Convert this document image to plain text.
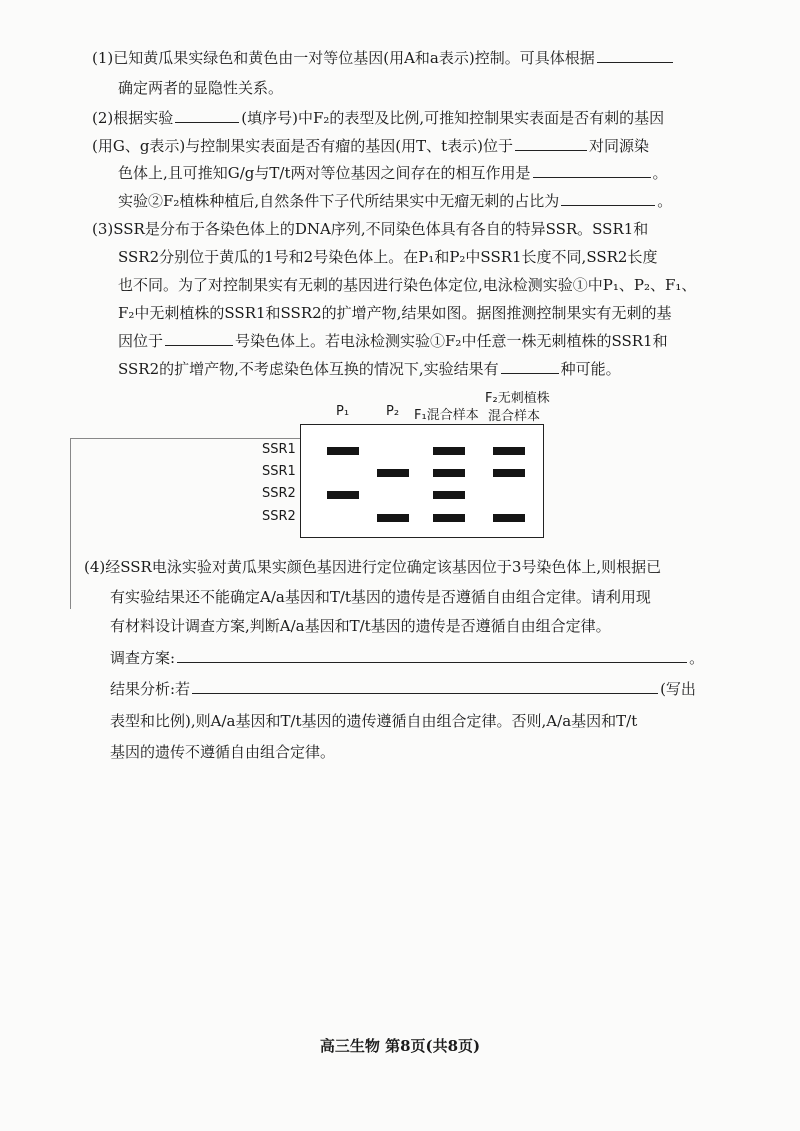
(1)已知黄瓜果实绿色和黄色由一对等位基因(用A和a表示)控制。可具体根据
确定两者的显隐性关系。
(2)根据实验	(填序号)中F₂的表型及比例,可推知控制果实表面是否有刺的基因
(用G、g表示)与控制果实表面是否有瘤的基因(用T、t表示)位于	对同源染
色体上,且可推知G/g与T/t两对等位基因之间存在的相互作用是	。
实验②F₂植株种植后,自然条件下子代所结果实中无瘤无刺的占比为	。
(3)SSR是分布于各染色体上的DNA序列,不同染色体具有各自的特异SSR。SSR1和
SSR2分别位于黄瓜的1号和2号染色体上。在P₁和P₂中SSR1长度不同,SSR2长度
也不同。为了对控制果实有无刺的基因进行染色体定位,电泳检测实验①中P₁、P₂、F₁、
F₂中无刺植株的SSR1和SSR2的扩增产物,结果如图。据图推测控制果实有无刺的基
因位于	号染色体上。若电泳检测实验①F₂中任意一株无刺植株的SSR1和
SSR2的扩增产物,不考虑染色体互换的情况下,实验结果有	种可能。
P₁	P₂ F₁混合样本
F₂无刺植株
混合样本
SSR1
SSR1
SSR2
SSR2
(4)经SSR电泳实验对黄瓜果实颜色基因进行定位确定该基因位于3号染色体上,则根据已
有实验结果还不能确定A/a基因和T/t基因的遗传是否遵循自由组合定律。请利用现
有材料设计调查方案,判断A/a基因和T/t基因的遗传是否遵循自由组合定律。
调查方案:	。
结果分析:若	(写出
表型和比例),则A/a基因和T/t基因的遗传遵循自由组合定律。否则,A/a基因和T/t
基因的遗传不遵循自由组合定律。
高三生物 第8页(共8页)
